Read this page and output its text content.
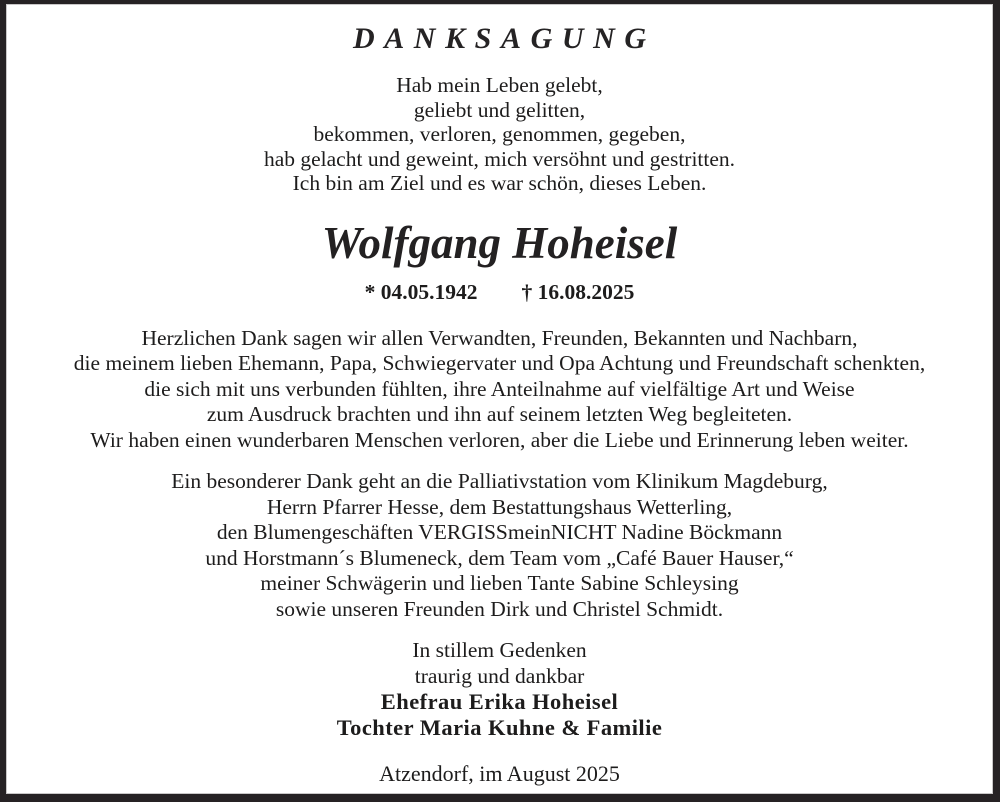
DANKSAGUNG
Hab mein Leben gelebt,
geliebt und gelitten,
bekommen, verloren, genommen, gegeben,
hab gelacht und geweint, mich versöhnt und gestritten.
Ich bin am Ziel und es war schön, dieses Leben.
Wolfgang Hoheisel
* 04.05.1942 † 16.08.2025
Herzlichen Dank sagen wir allen Verwandten, Freunden, Bekannten und Nachbarn,
die meinem lieben Ehemann, Papa, Schwiegervater und Opa Achtung und Freundschaft schenkten,
die sich mit uns verbunden fühlten, ihre Anteilnahme auf vielfältige Art und Weise
zum Ausdruck brachten und ihn auf seinem letzten Weg begleiteten.
Wir haben einen wunderbaren Menschen verloren, aber die Liebe und Erinnerung leben weiter.
Ein besonderer Dank geht an die Palliativstation vom Klinikum Magdeburg,
Herrn Pfarrer Hesse, dem Bestattungshaus Wetterling,
den Blumengeschäften VERGISSmeinNICHT Nadine Böckmann
und Horstmann´s Blumeneck, dem Team vom „Café Bauer Hauser,“
meiner Schwägerin und lieben Tante Sabine Schleysing
sowie unseren Freunden Dirk und Christel Schmidt.
In stillem Gedenken
traurig und dankbar
Ehefrau Erika Hoheisel
Tochter Maria Kuhne & Familie
Atzendorf, im August 2025
